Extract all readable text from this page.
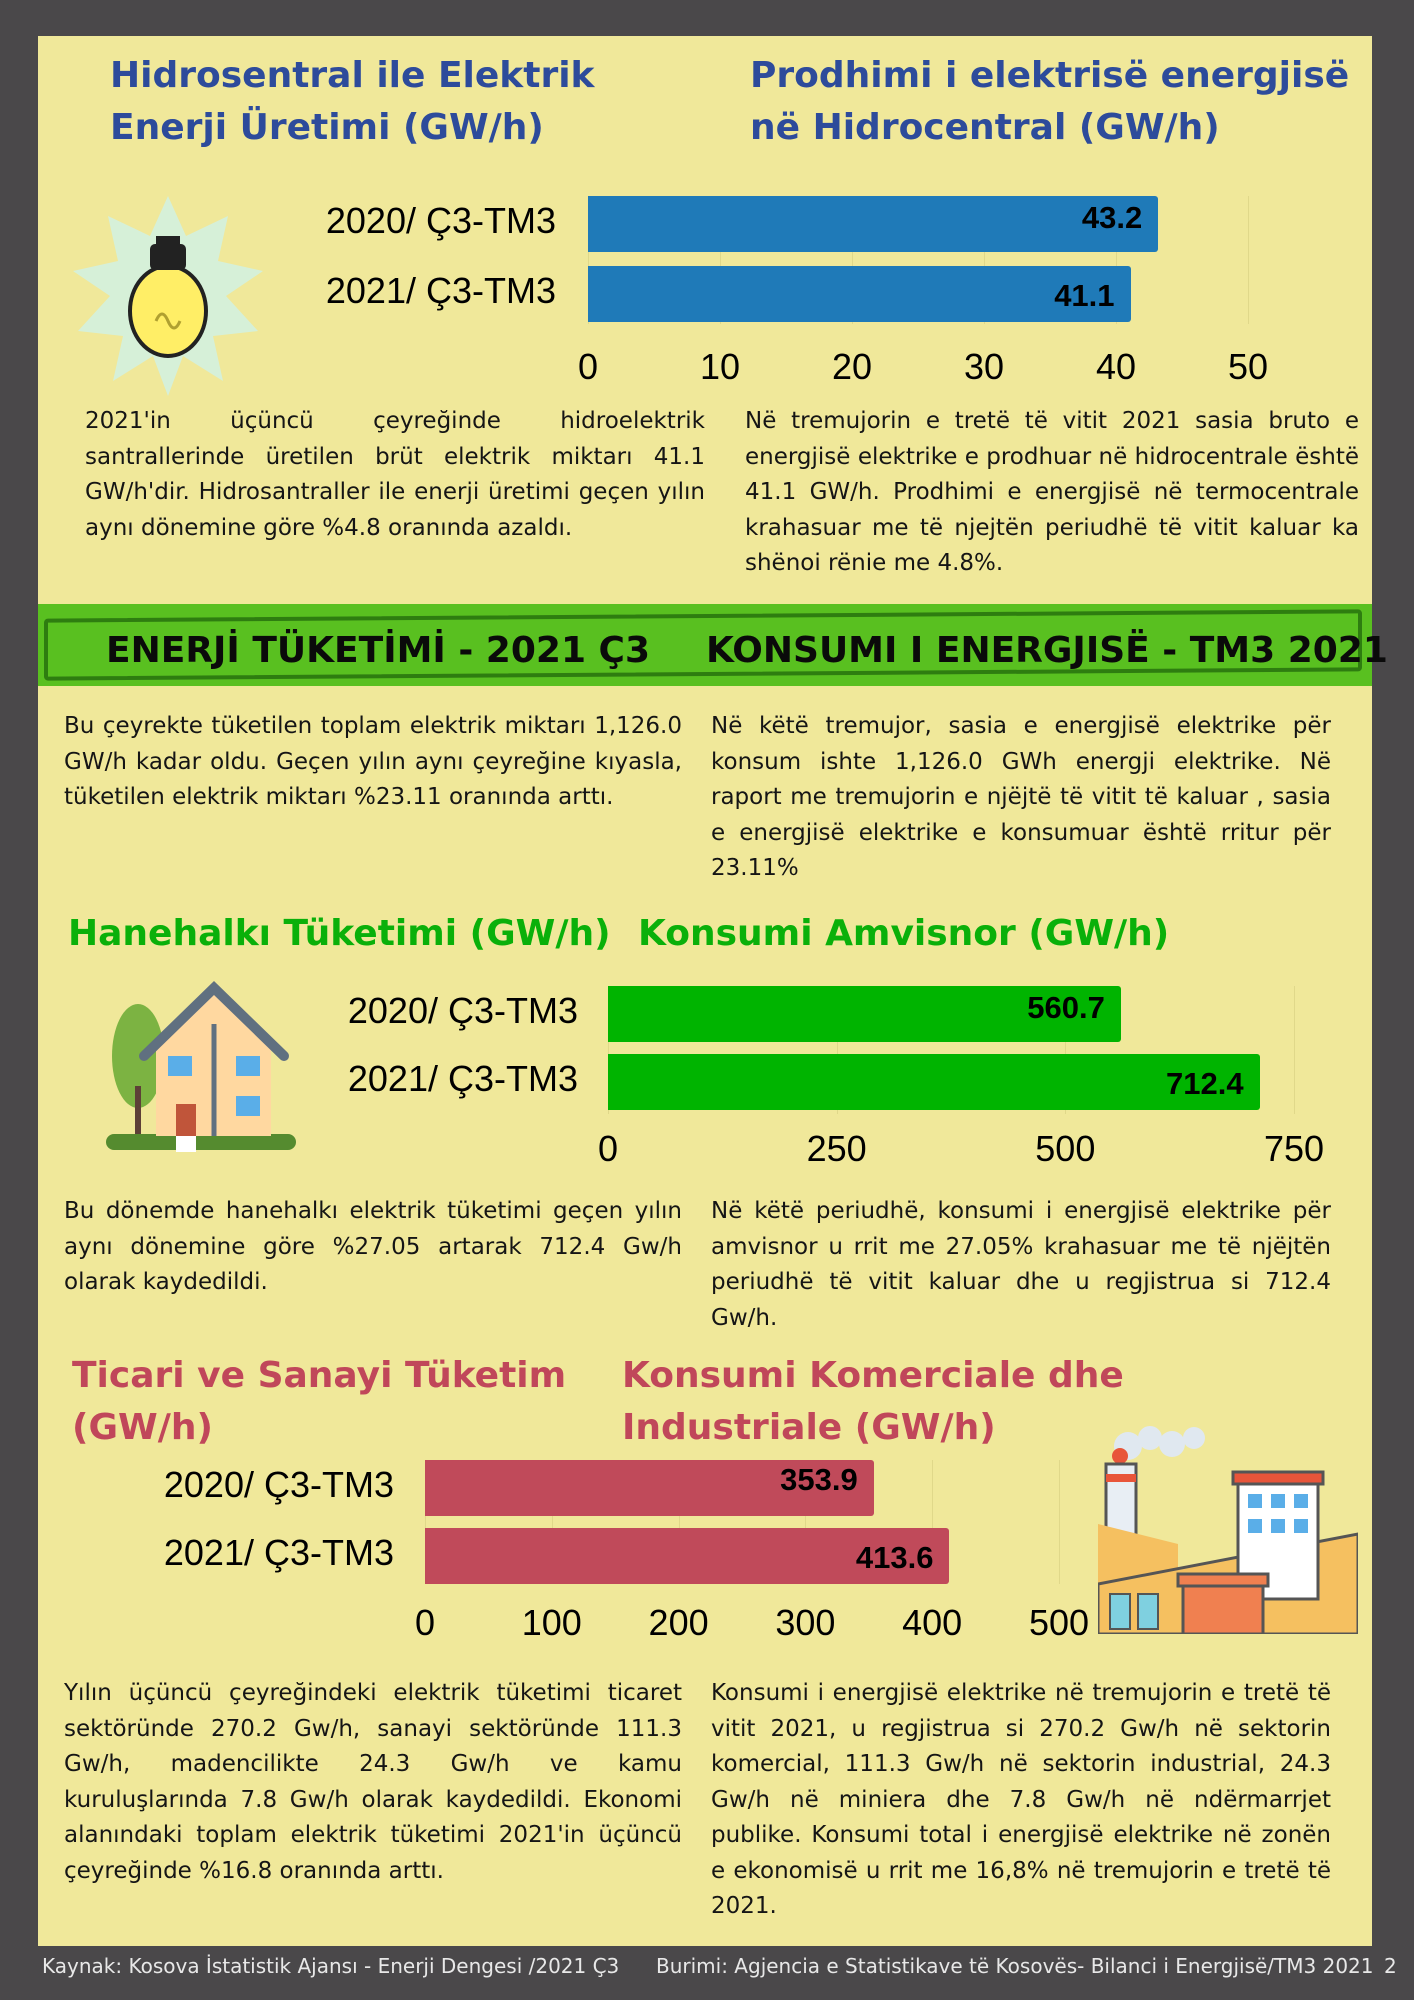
Hidrosentral ile Elektrik Enerji Üretimi (GW/h)
Prodhimi i elektrisë energjisë në Hidrocentral (GW/h)
2020/ Ç3-TM3	43.2
2021/ Ç3-TM3	41.1
0	10	20	30	40	50
2021'in üçüncü çeyreğinde hidroelektrik santrallerinde üretilen brüt elektrik miktarı 41.1 GW/h'dir. Hidrosantraller ile enerji üretimi geçen yılın aynı dönemine göre %4.8 oranında azaldı.
Në tremujorin e tretë të vitit 2021 sasia bruto e energjisë elektrike e prodhuar në hidrocentrale është 41.1 GW/h. Prodhimi e energjisë në termocentrale krahasuar me të njejtën periudhë të vitit kaluar ka shënoi rënie me 4.8%.
ENERJİ TÜKETİMİ - 2021 Ç3 KONSUMI I ENERGJISË - TM3 2021
Bu çeyrekte tüketilen toplam elektrik miktarı 1,126.0 GW/h kadar oldu. Geçen yılın aynı çeyreğine kıyasla, tüketilen elektrik miktarı %23.11 oranında arttı.
Në këtë tremujor, sasia e energjisë elektrike për konsum ishte 1,126.0 GWh energji elektrike. Në raport me tremujorin e njëjtë të vitit të kaluar , sasia e energjisë elektrike e konsumuar është rritur për 23.11%
Hanehalkı Tüketimi (GW/h) Konsumi Amvisnor (GW/h)
2020/ Ç3-TM3	560.7
2021/ Ç3-TM3	712.4
0	250	500	750
Bu dönemde hanehalkı elektrik tüketimi geçen yılın aynı dönemine göre %27.05 artarak 712.4 Gw/h olarak kaydedildi.
Në këtë periudhë, konsumi i energjisë elektrike për amvisnor u rrit me 27.05% krahasuar me të njëjtën periudhë të vitit kaluar dhe u regjistrua si 712.4 Gw/h.
Ticari ve Sanayi Tüketim (GW/h)
Konsumi Komerciale dhe Industriale (GW/h)
2020/ Ç3-TM3	353.9
2021/ Ç3-TM3	413.6
0	100	200	300	400	500
Yılın üçüncü çeyreğindeki elektrik tüketimi ticaret sektöründe 270.2 Gw/h, sanayi sektöründe 111.3 Gw/h, madencilikte 24.3 Gw/h ve kamu kuruluşlarında 7.8 Gw/h olarak kaydedildi. Ekonomi alanındaki toplam elektrik tüketimi 2021'in üçüncü çeyreğinde %16.8 oranında arttı.
Konsumi i energjisë elektrike në tremujorin e tretë të vitit 2021, u regjistrua si 270.2 Gw/h në sektorin komercial, 111.3 Gw/h në sektorin industrial, 24.3 Gw/h në miniera dhe 7.8 Gw/h në ndërmarrjet publike. Konsumi total i energjisë elektrike në zonën e ekonomisë u rrit me 16,8% në tremujorin e tretë të 2021.
Kaynak: Kosova İstatistik Ajansı - Enerji Dengesi /2021 Ç3 Burimi: Agjencia e Statistikave të Kosovës- Bilanci i Energjisë/TM3 2021 2
